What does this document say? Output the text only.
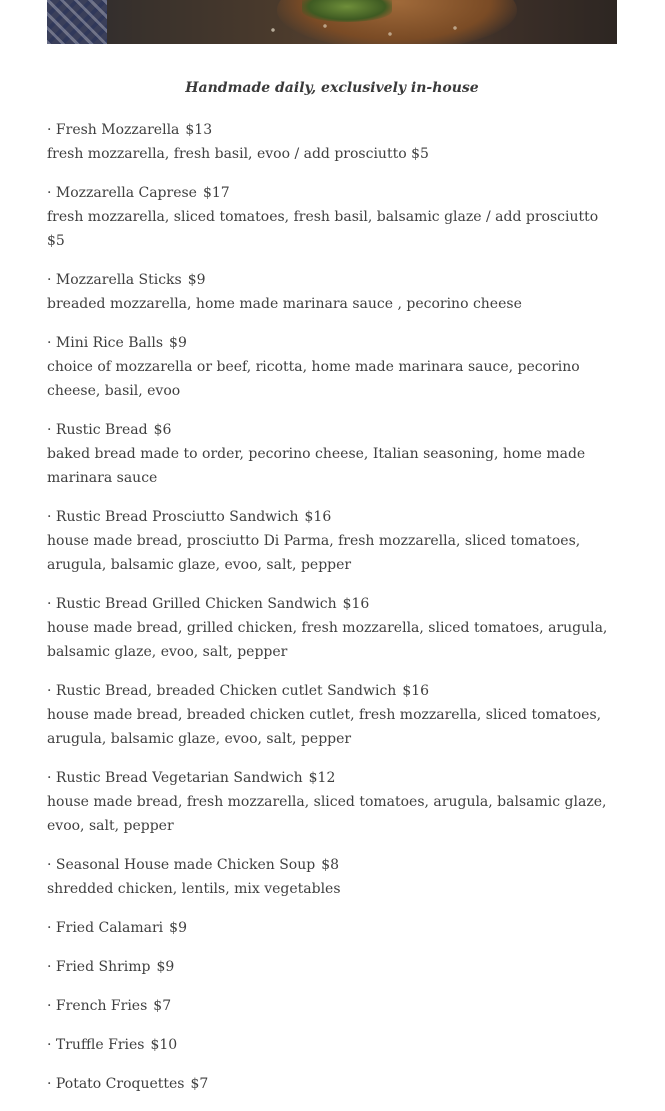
Handmade daily, exclusively in-house

· Fresh Mozzarella $13
fresh mozzarella, fresh basil, evoo / add prosciutto $5
· Mozzarella Caprese $17
fresh mozzarella, sliced tomatoes, fresh basil, balsamic glaze / add prosciutto $5
· Mozzarella Sticks $9
breaded mozzarella, home made marinara sauce , pecorino cheese
· Mini Rice Balls $9
choice of mozzarella or beef, ricotta, home made marinara sauce, pecorino cheese, basil, evoo
· Rustic Bread $6
baked bread made to order, pecorino cheese, Italian seasoning, home made marinara sauce
· Rustic Bread Prosciutto Sandwich $16
house made bread, prosciutto Di Parma, fresh mozzarella, sliced tomatoes, arugula, balsamic glaze, evoo, salt, pepper
· Rustic Bread Grilled Chicken Sandwich $16
house made bread, grilled chicken, fresh mozzarella, sliced tomatoes, arugula, balsamic glaze, evoo, salt, pepper
· Rustic Bread, breaded Chicken cutlet Sandwich $16
house made bread, breaded chicken cutlet, fresh mozzarella, sliced tomatoes, arugula, balsamic glaze, evoo, salt, pepper
· Rustic Bread Vegetarian Sandwich $12
house made bread, fresh mozzarella, sliced tomatoes, arugula, balsamic glaze, evoo, salt, pepper
· Seasonal House made Chicken Soup $8
shredded chicken, lentils, mix vegetables
· Fried Calamari $9
· Fried Shrimp $9
· French Fries $7
· Truffle Fries $10
· Potato Croquettes $7
